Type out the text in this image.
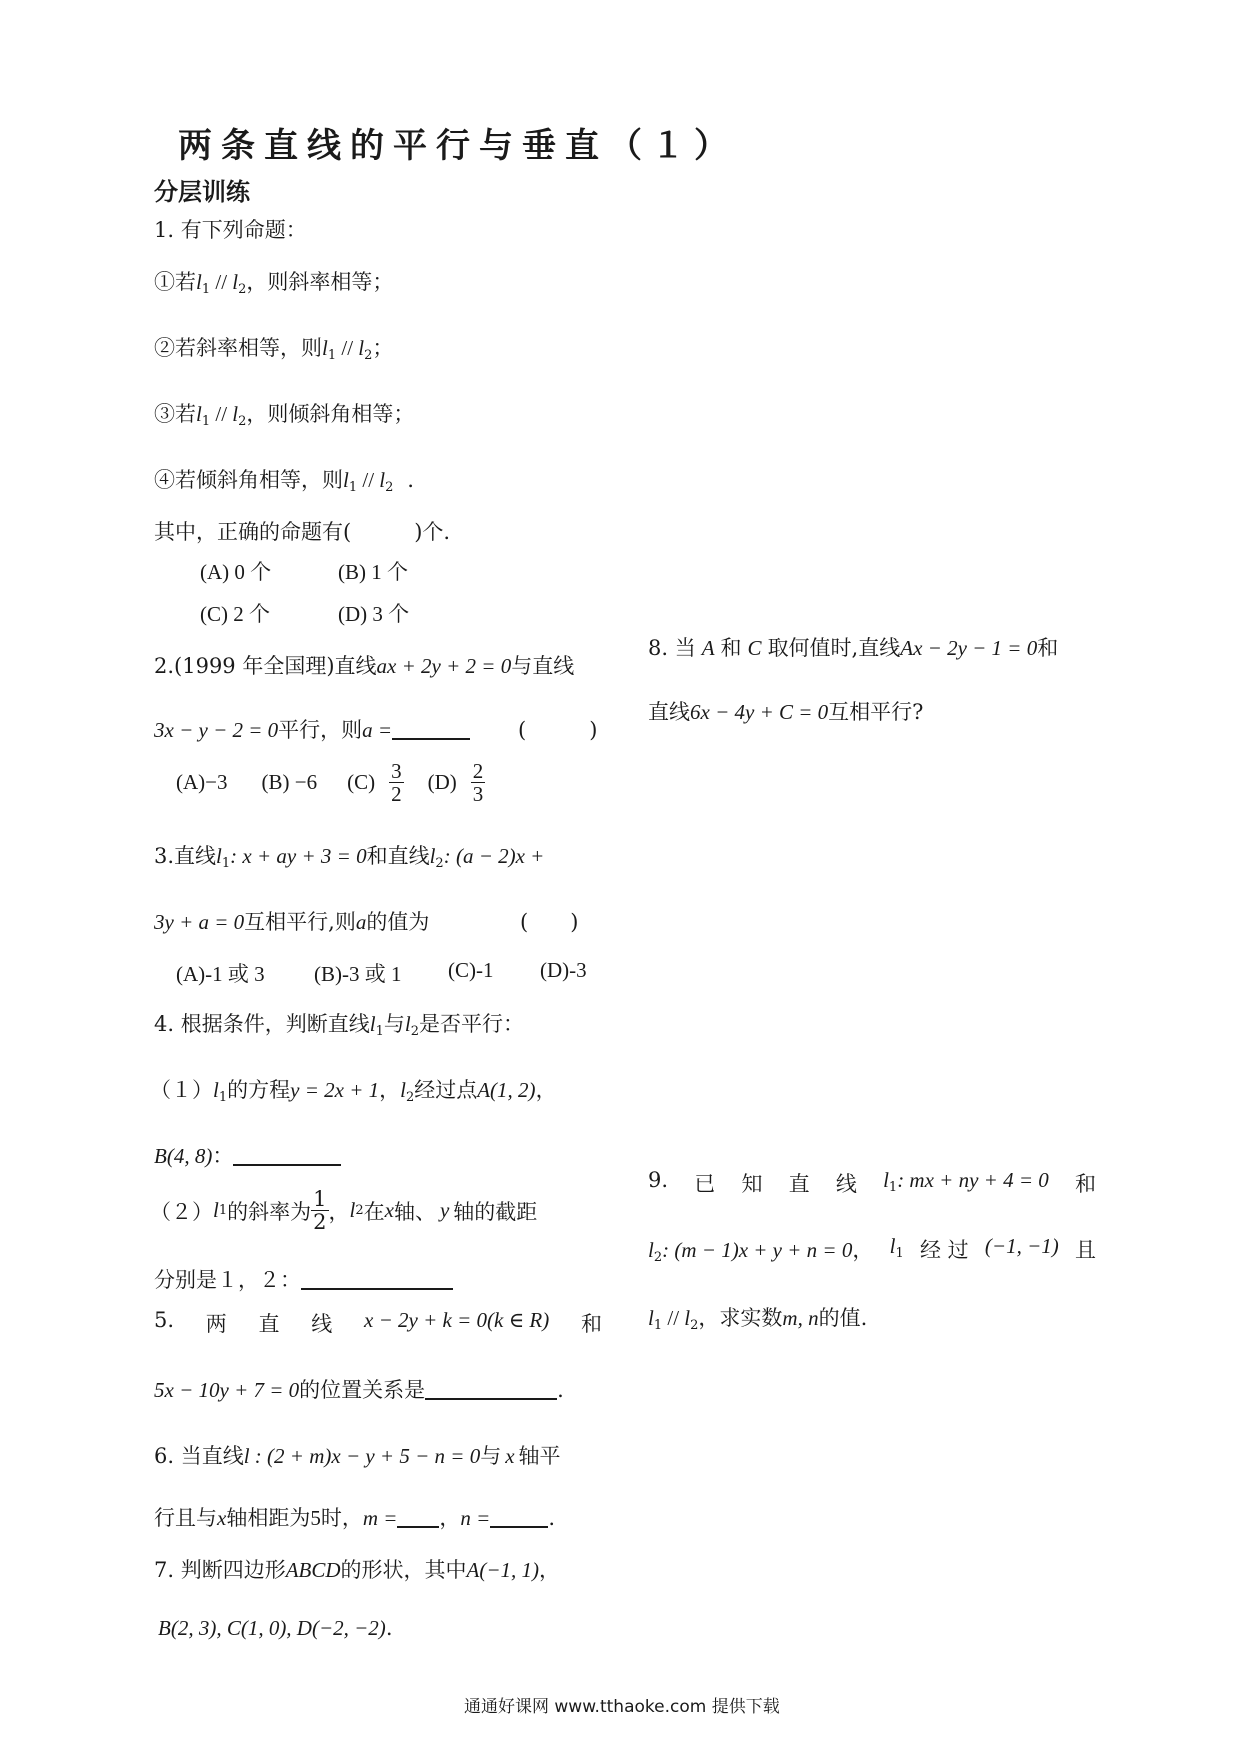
两条直线的平行与垂直（１）
分层训练
1. 有下列命题：
①若$l_1 // l_2$，则斜率相等；
②若斜率相等，则$l_1 // l_2$；
③若$l_1 // l_2$，则倾斜角相等；
④若倾斜角相等，则$l_1 // l_2$ ．
其中，正确的命题有(　　　)个.
(A) 0 个	(B) 1 个
(C) 2 个	(D) 3 个
2.(1999 年全国理)直线ax + 2y + 2 = 0与直线
3x − y − 2 = 0平行，则a =	(　　　)
(A)−3 (B) −6 $(C) \frac{3}{2} (D) \frac{2}{3}$
3.直线$l_1$: x + ay + 3 = 0和直线$l_2$: (a − 2)x +
3y + a = 0互相平行,则a的值为	(　　)
(A)-1 或 3 (B)-3 或 1 (C)-1 (D)-3
4. 根据条件，判断直线$l_1$与$l_2$是否平行：
$(1)l_1$的方程y = 2x + 1，$l_2$经过点A(1, 2)，
B(4, 8)：
（２） l 1 的斜率为 $\frac{1}{2}$ ， l 2 在 x 轴、 y 轴的截距
分别是１，２：
5. 两 直 线 x − 2y + k = 0(k ∈ R) 和
5x − 10y + 7 = 0的位置关系是	.
6. 当直线l : (2 + m)x − y + 5 − n = 0与 x 轴平
行且与x轴相距为5时，m = ，n =	.
7. 判断四边形ABCD的形状，其中A(−1, 1)，
B(2, 3), C(1, 0), D(−2, −2).
8. 当 A 和 C 取何值时,直线Ax − 2y − 1 = 0和
直线6x − 4y + C = 0互相平行?
9. 已 知 直 线 $l_1$: mx + ny + 4 = 0 和
$l_2$: (m − 1)x + y + n = 0， $l_1$ 经 过 (−1, −1) 且
$l_1 // l_2$，求实数m, n的值.
通通好课网 www.tthaoke.com 提供下载
